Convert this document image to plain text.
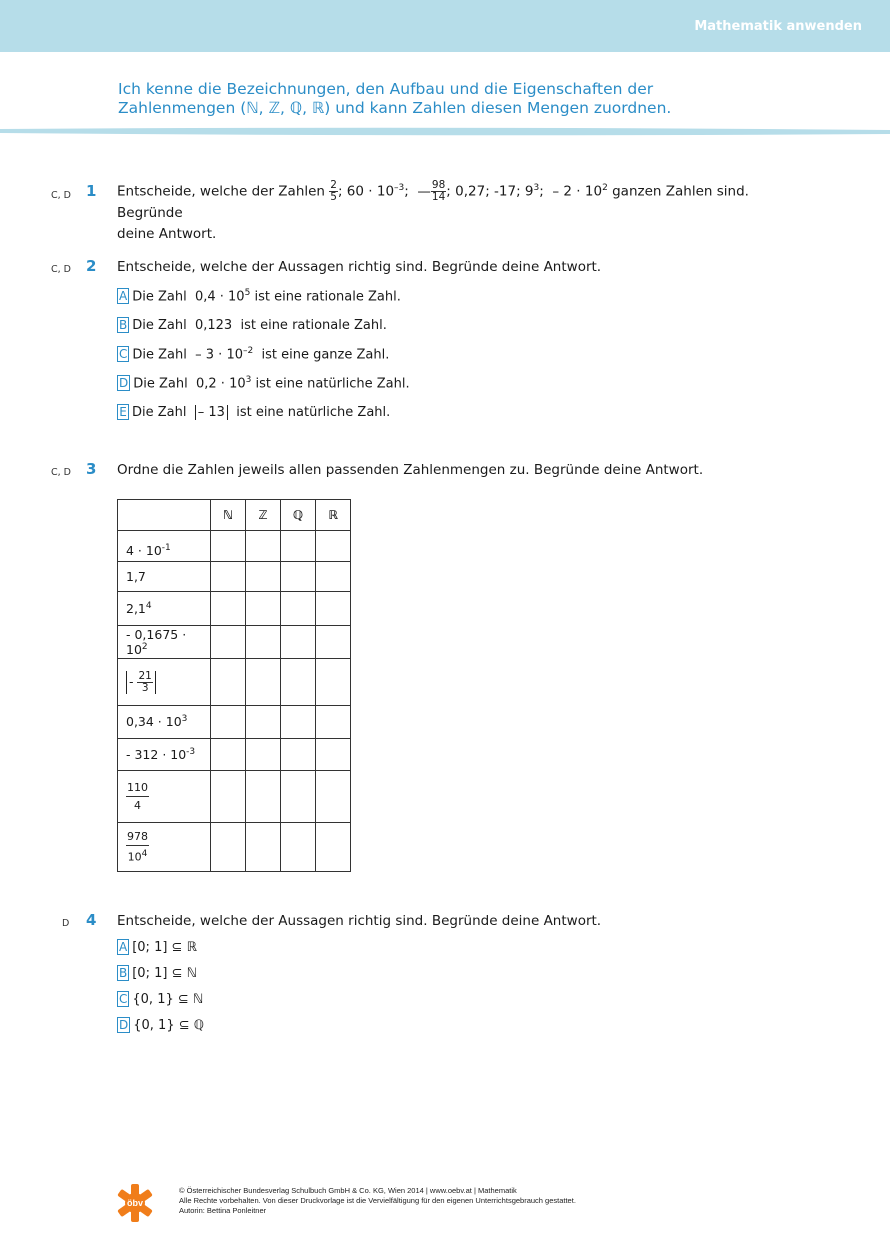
Mathematik anwenden
Ich kenne die Bezeichnungen, den Aufbau und die Eigenschaften der
Zahlenmengen (ℕ, ℤ, ℚ, ℝ) und kann Zahlen diesen Mengen zuordnen.
C, D 1 Entscheide, welche der Zahlen $\frac{2}{5}$ ; $60 \cdot 10^{-3}$;  — $\frac{98}{14}$ ; 0,27; -17; $9^3$;  – $2 \cdot 10^2$ ganzen Zahlen sind. Begründe
deine Antwort.
C, D 2 Entscheide, welche der Aussagen richtig sind. Begründe deine Antwort.
A Die Zahl $0,4 \cdot 10^5$ ist eine rationale Zahl.
B Die Zahl 0,123 ist eine rationale Zahl.
C Die Zahl – $3 \cdot 10^{-2}$ ist eine ganze Zahl.
D Die Zahl $0,2 \cdot 10^3$ ist eine natürliche Zahl.
E Die Zahl – 13 ist eine natürliche Zahl.
C, D 3 Ordne die Zahlen jeweils allen passenden Zahlenmengen zu. Begründe deine Antwort.
	ℕ	ℤ	ℚ	ℝ
$4 \cdot 10^{-1}$				
1,7				
$2,1^4$				
- $0,1675 \cdot 10^2$				
- $\frac{21}{3}$

$0,34 \cdot 10^3$				
- $312 \cdot 10^{-3}$				

$\frac{110}{4}$

$\frac{978}{10^4}$

D 4 Entscheide, welche der Aussagen richtig sind. Begründe deine Antwort.
A [0; 1] ⊆ ℝ
B [0; 1] ⊆ ℕ
C {0, 1} ⊆ ℕ
D {0, 1} ⊆ ℚ
öbv
© Österreichischer Bundesverlag Schulbuch GmbH & Co. KG, Wien 2014 | www.oebv.at | Mathematik
Alle Rechte vorbehalten. Von dieser Druckvorlage ist die Vervielfältigung für den eigenen Unterrichtsgebrauch gestattet.
Autorin: Bettina Ponleitner
